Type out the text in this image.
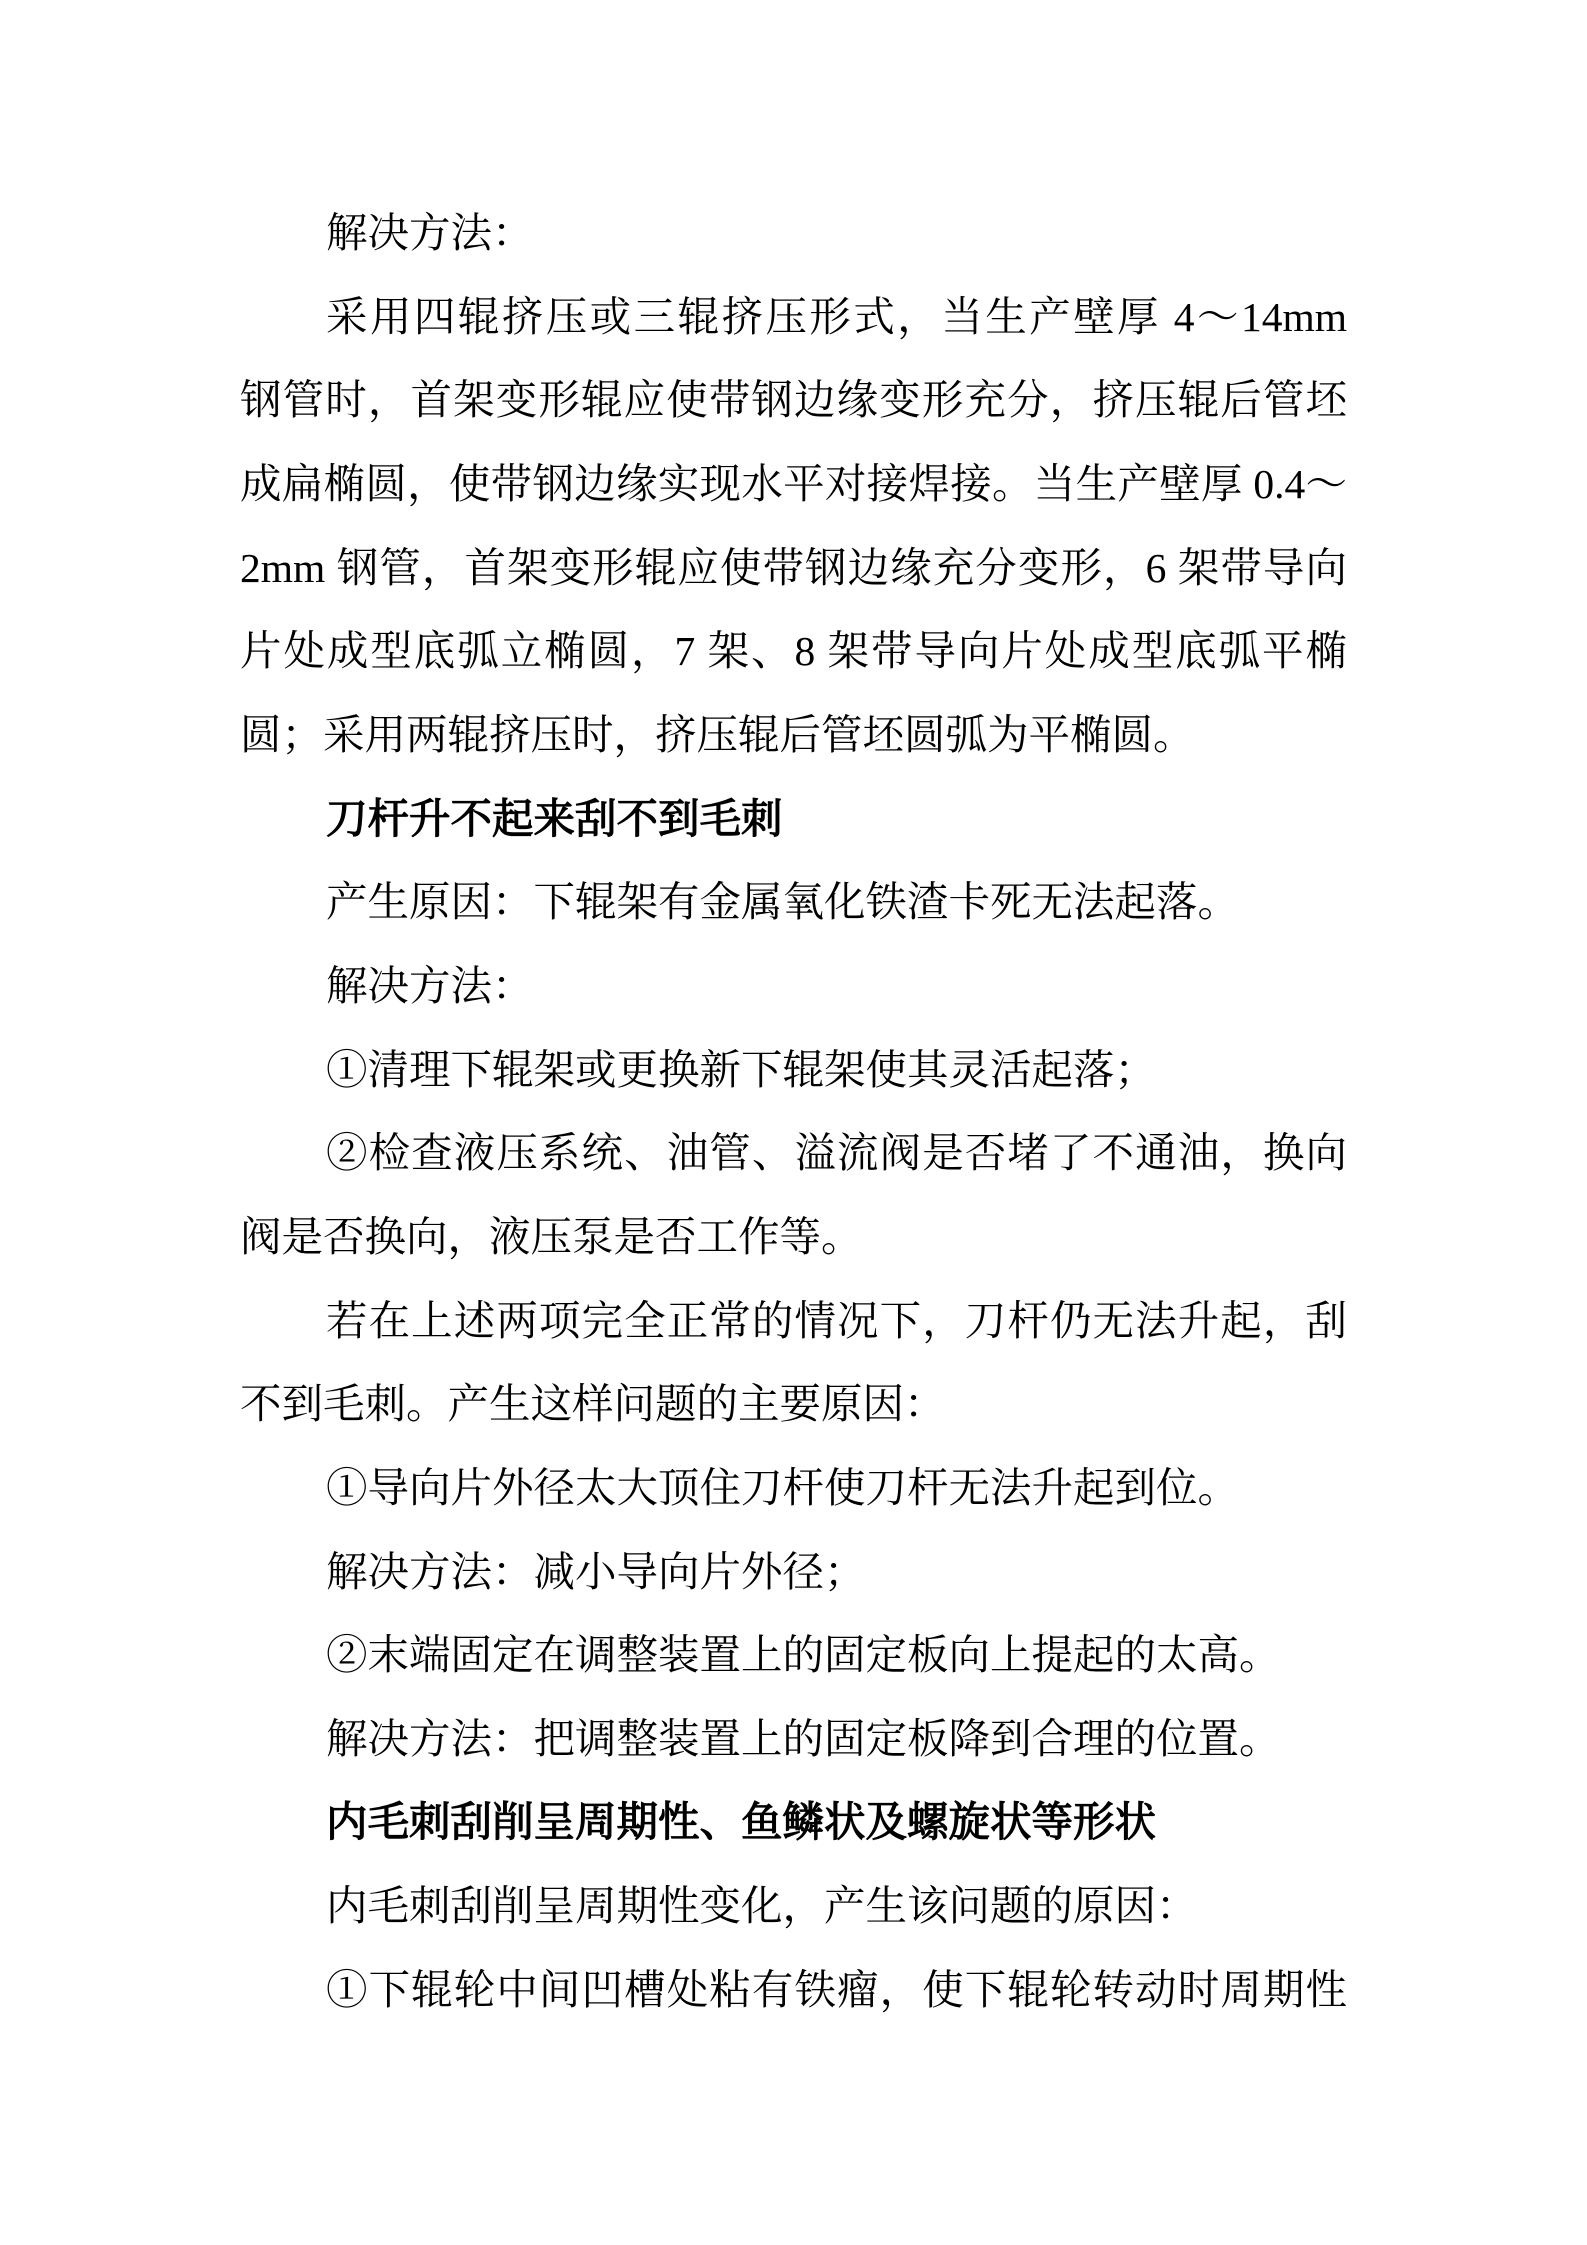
解决方法：

采用四辊挤压或三辊挤压形式，当生产壁厚 4～14mm

钢管时，首架变形辊应使带钢边缘变形充分，挤压辊后管坯

成扁椭圆，使带钢边缘实现水平对接焊接。当生产壁厚 0.4～

2mm 钢管，首架变形辊应使带钢边缘充分变形，6 架带导向

片处成型底弧立椭圆，7 架、8 架带导向片处成型底弧平椭

圆；采用两辊挤压时，挤压辊后管坯圆弧为平椭圆。

刀杆升不起来刮不到毛刺

产生原因：下辊架有金属氧化铁渣卡死无法起落。

解决方法：

①清理下辊架或更换新下辊架使其灵活起落；

②检查液压系统、油管、溢流阀是否堵了不通油，换向

阀是否换向，液压泵是否工作等。

若在上述两项完全正常的情况下，刀杆仍无法升起，刮

不到毛刺。产生这样问题的主要原因：

①导向片外径太大顶住刀杆使刀杆无法升起到位。

解决方法：减小导向片外径；

②末端固定在调整装置上的固定板向上提起的太高。

解决方法：把调整装置上的固定板降到合理的位置。

内毛刺刮削呈周期性、鱼鳞状及螺旋状等形状

内毛刺刮削呈周期性变化，产生该问题的原因：

①下辊轮中间凹槽处粘有铁瘤，使下辊轮转动时周期性
